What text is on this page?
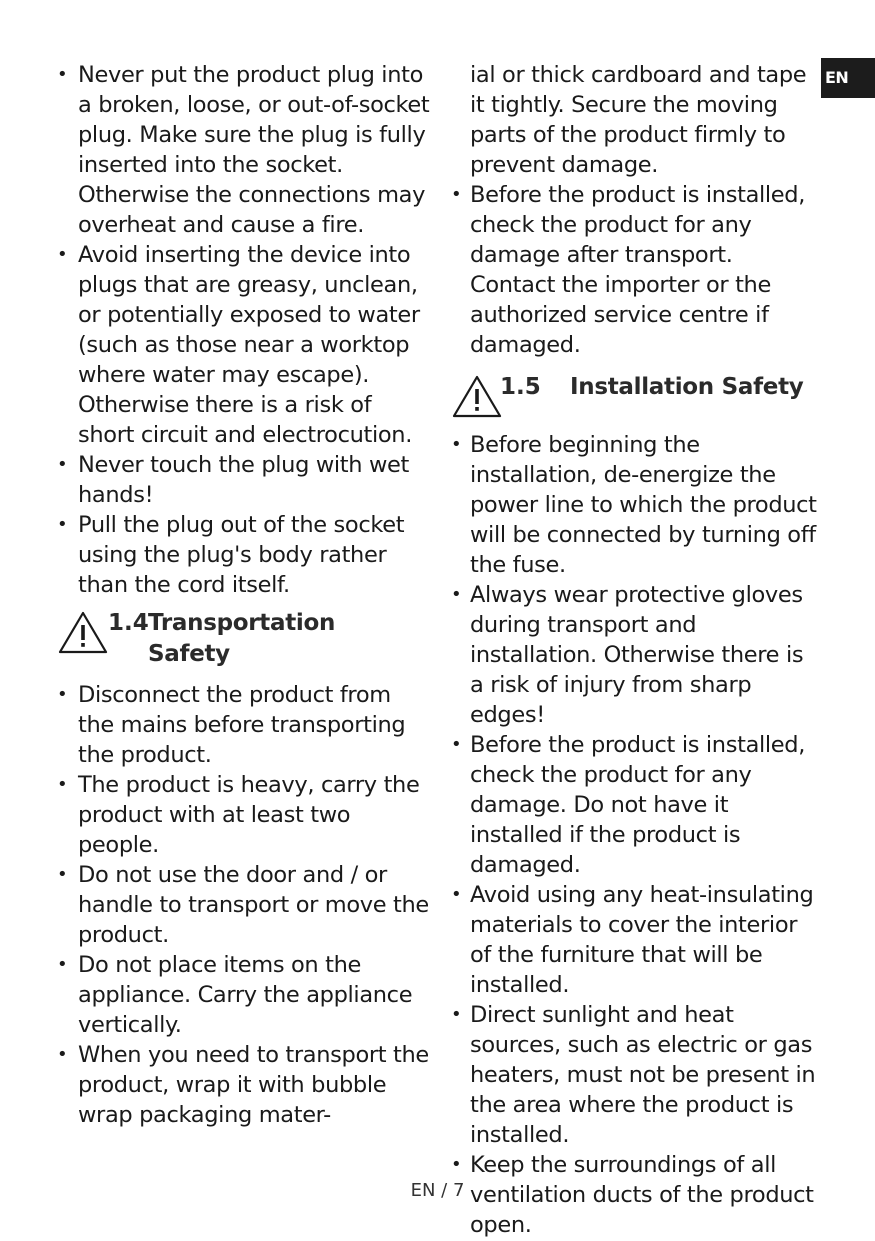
EN
• Never put the product plug into a broken, loose, or out-of-socket plug. Make sure the plug is fully inserted into the socket. Otherwise the connections may overheat and cause a fire.
• Avoid inserting the device into plugs that are greasy, unclean, or potentially exposed to water (such as those near a worktop where water may escape). Otherwise there is a risk of short circuit and electrocution.
• Never touch the plug with wet hands!
• Pull the plug out of the socket using the plug's body rather than the cord itself.
1.4 Transportation Safety
• Disconnect the product from the mains before transporting the product.
• The product is heavy, carry the product with at least two people.
• Do not use the door and / or handle to transport or move the product.
• Do not place items on the appliance. Carry the appliance vertically.
• When you need to transport the product, wrap it with bubble wrap packaging mater-
ial or thick cardboard and tape it tightly. Secure the moving parts of the product firmly to prevent damage.
• Before the product is installed, check the product for any damage after transport. Contact the importer or the authorized service centre if damaged.
1.5 Installation Safety
• Before beginning the installation, de-energize the power line to which the product will be connected by turning off the fuse.
• Always wear protective gloves during transport and installation. Otherwise there is a risk of injury from sharp edges!
• Before the product is installed, check the product for any damage. Do not have it installed if the product is damaged.
• Avoid using any heat-insulating materials to cover the interior of the furniture that will be installed.
• Direct sunlight and heat sources, such as electric or gas heaters, must not be present in the area where the product is installed.
• Keep the surroundings of all ventilation ducts of the product open.
EN / 7
